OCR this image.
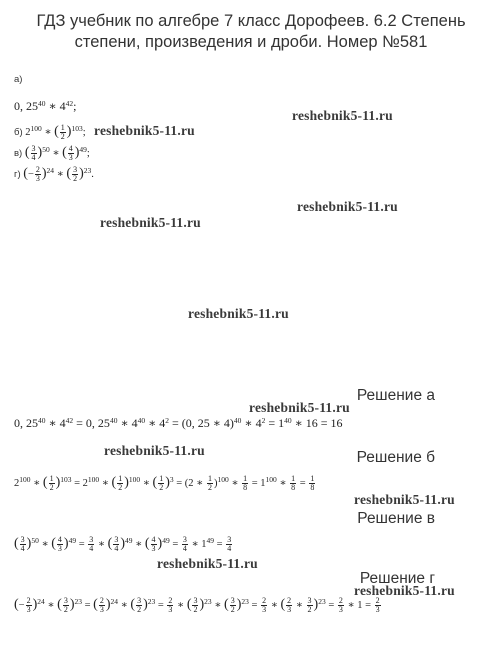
ГДЗ учебник по алгебре 7 класс Дорофеев. 6.2 Степень
степени, произведения и дроби. Номер №581
а)
0, $25^{40}$ ∗ $4^{42}$;
б) $2^{100}$ ∗ ( $\frac{1}{2} )^{103}$;
в) ( $\frac{3}{4} )^{50}$ ∗ ( $\frac{4}{3} )^{49}$;
г) (− $\frac{2}{3} )^{24}$ ∗ ( $\frac{3}{2} )^{23}$.
reshebnik5-11.ru
reshebnik5-11.ru
reshebnik5-11.ru
reshebnik5-11.ru
reshebnik5-11.ru
reshebnik5-11.ru
reshebnik5-11.ru
reshebnik5-11.ru
reshebnik5-11.ru
reshebnik5-11.ru
Решение а
0, $25^{40}$ ∗ $4^{42} = 0$, $25^{40}$ ∗ $4^{40}$ ∗ $4^2 = (0$, 25 ∗ 4)$^{40}$ ∗ $4^2 = 1^{40}$ ∗ 16 = 16
Решение б
$2^{100}$ ∗ ( $\frac{1}{2} )^{103} = 2^{100}$ ∗ ( $\frac{1}{2} )^{100}$ ∗ ( $\frac{1}{2} )^3 = (2$ ∗ $\frac{1}{2} )^{100}$ ∗ $\frac{1}{8} = 1^{100}$ ∗ $\frac{1}{8} = \frac{1}{8}$
Решение в
( $\frac{3}{4} )^{50}$ ∗ ( $\frac{4}{3} )^{49} = \frac{3}{4}$ ∗ ( $\frac{3}{4} )^{49}$ ∗ ( $\frac{4}{3} )^{49} = \frac{3}{4}$ ∗ $1^{49} = \frac{3}{4}$
Решение г
(− $\frac{2}{3} )^{24}$ ∗ ( $\frac{3}{2} )^{23}$ = ( $\frac{2}{3} )^{24}$ ∗ ( $\frac{3}{2} )^{23} = \frac{2}{3}$ ∗ ( $\frac{3}{2} )^{23}$ ∗ ( $\frac{3}{2} )^{23} = \frac{2}{3}$ ∗ ( $\frac{2}{3}$ ∗ $\frac{3}{2} )^{23} = \frac{2}{3}$ ∗ $1 = \frac{2}{3}$
